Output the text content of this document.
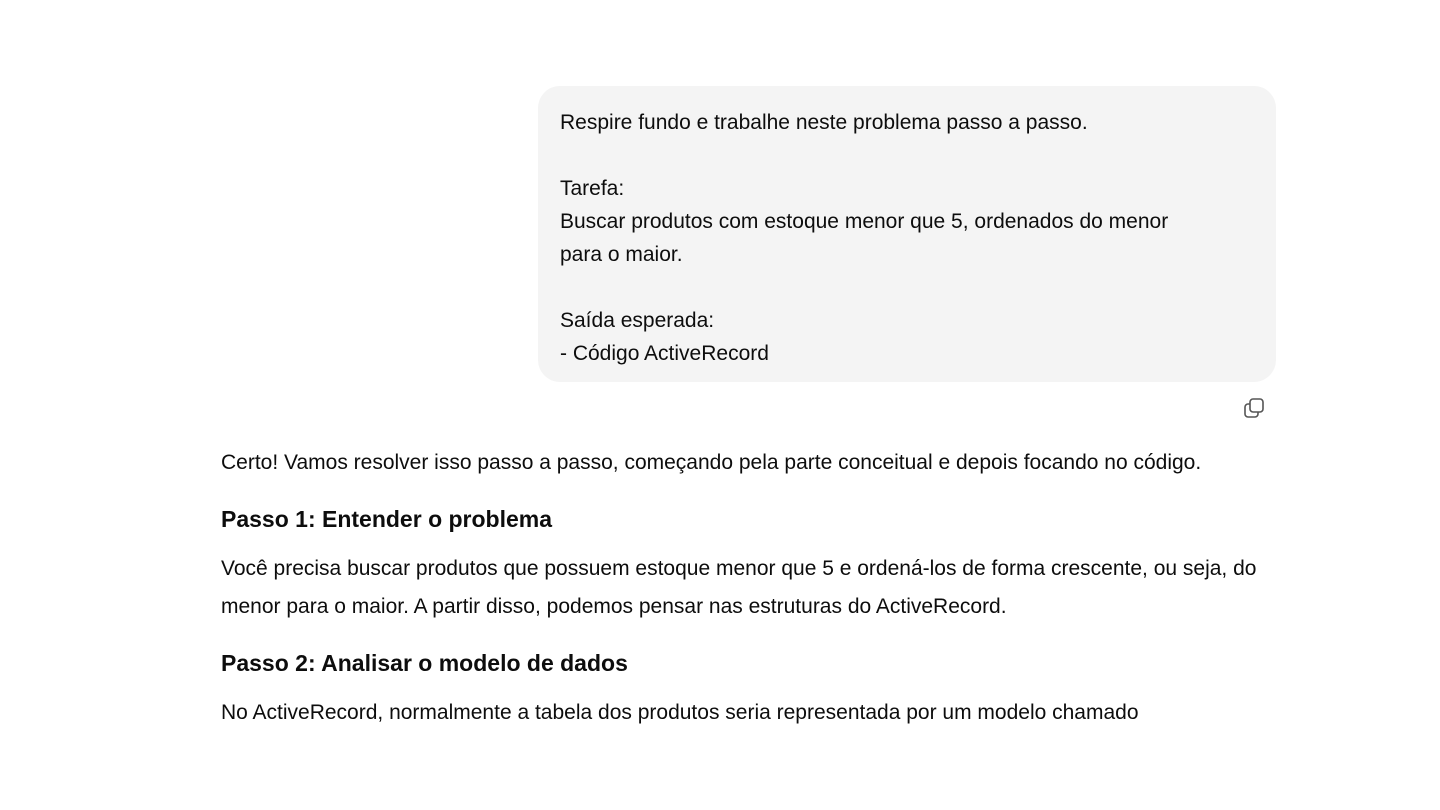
Respire fundo e trabalhe neste problema passo a passo.

Tarefa:
Buscar produtos com estoque menor que 5, ordenados do menor
para o maior.

Saída esperada:
- Código ActiveRecord

Certo! Vamos resolver isso passo a passo, começando pela parte conceitual e depois focando no código.

Passo 1: Entender o problema

Você precisa buscar produtos que possuem estoque menor que 5 e ordená-los de forma crescente, ou seja, do menor para o maior. A partir disso, podemos pensar nas estruturas do ActiveRecord.

Passo 2: Analisar o modelo de dados

No ActiveRecord, normalmente a tabela dos produtos seria representada por um modelo chamado
